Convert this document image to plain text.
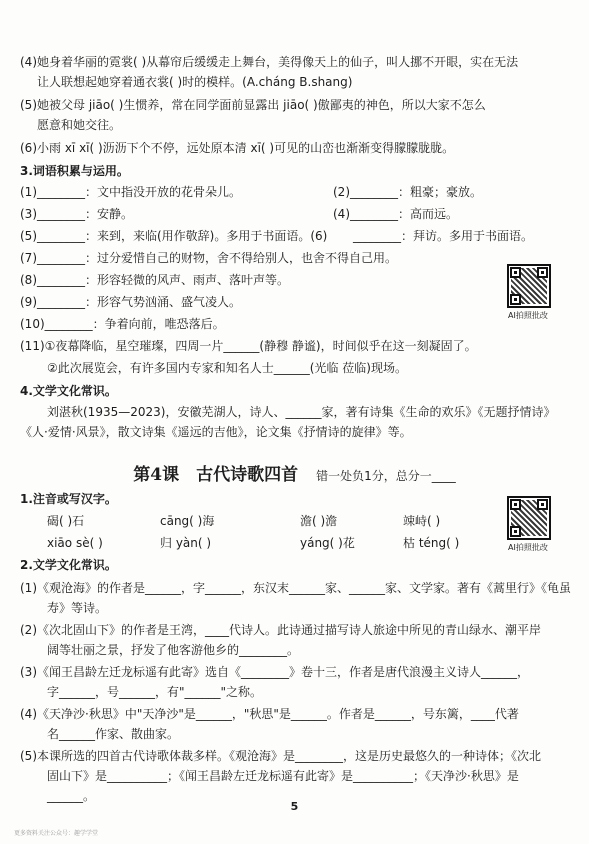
(4)她身着华丽的霓裳( )从幕帘后缓缓走上舞台，美得像天上的仙子，叫人挪不开眼，实在无法
让人联想起她穿着通衣裳( )时的模样。(A.cháng B.shang)
(5)她被父母 jiāo( )生惯养，常在同学面前显露出 jiāo( )傲鄙夷的神色，所以大家不怎么
愿意和她交往。
(6)小雨 xī xī( )沥沥下个不停，远处原本清 xī( )可见的山峦也渐渐变得朦朦胧胧。
3.词语积累与运用。
(1)________：文中指没开放的花骨朵儿。	(2)________：粗豪；豪放。
(3)________：安静。	(4)________：高而远。
(5)________：来到，来临(用作敬辞)。多用于书面语。(6) ________：拜访。多用于书面语。
(7)________：过分爱惜自己的财物，舍不得给别人，也舍不得自己用。
(8)________：形容轻微的风声、雨声、落叶声等。
(9)________：形容气势汹涌、盛气凌人。
(10)________：争着向前，唯恐落后。
(11)①夜幕降临，星空璀璨，四周一片______(静穆 静谧)，时间似乎在这一刻凝固了。
②此次展览会，有许多国内专家和知名人士______(光临 莅临)现场。
AI拍照批改
4.文学文化常识。
刘湛秋(1935—2023)，安徽芜湖人，诗人、______家，著有诗集《生命的欢乐》《无题抒情诗》
《人·爱情·风景》，散文诗集《遥远的吉他》，论文集《抒情诗的旋律》等。
第4课　古代诗歌四首 错一处负1分，总分一____
1.注音或写汉字。
碣( )石	cāng( )海	澹( )澹	竦峙( )
xiāo sè( )	归 yàn( )	yáng( )花	枯 téng( )	AI拍照批改
2.文学文化常识。
(1)《观沧海》的作者是______，字______，东汉末______家、______家、文学家。著有《蒿里行》《龟虽
寿》等诗。
(2)《次北固山下》的作者是王湾，____代诗人。此诗通过描写诗人旅途中所见的青山绿水、潮平岸
阔等壮丽之景，抒发了他客游他乡的________。
(3)《闻王昌龄左迁龙标遥有此寄》选自《________》卷十三，作者是唐代浪漫主义诗人______，
字______，号______，有"______"之称。
(4)《天净沙·秋思》中"天净沙"是______，"秋思"是______。作者是______，号东篱，____代著
名______作家、散曲家。
(5)本课所选的四首古代诗歌体裁多样。《观沧海》是________，这是历史最悠久的一种诗体；《次北
固山下》是__________；《闻王昌龄左迁龙标遥有此寄》是__________；《天净沙·秋思》是
______。
5
更多资料关注公众号：趣学学堂
